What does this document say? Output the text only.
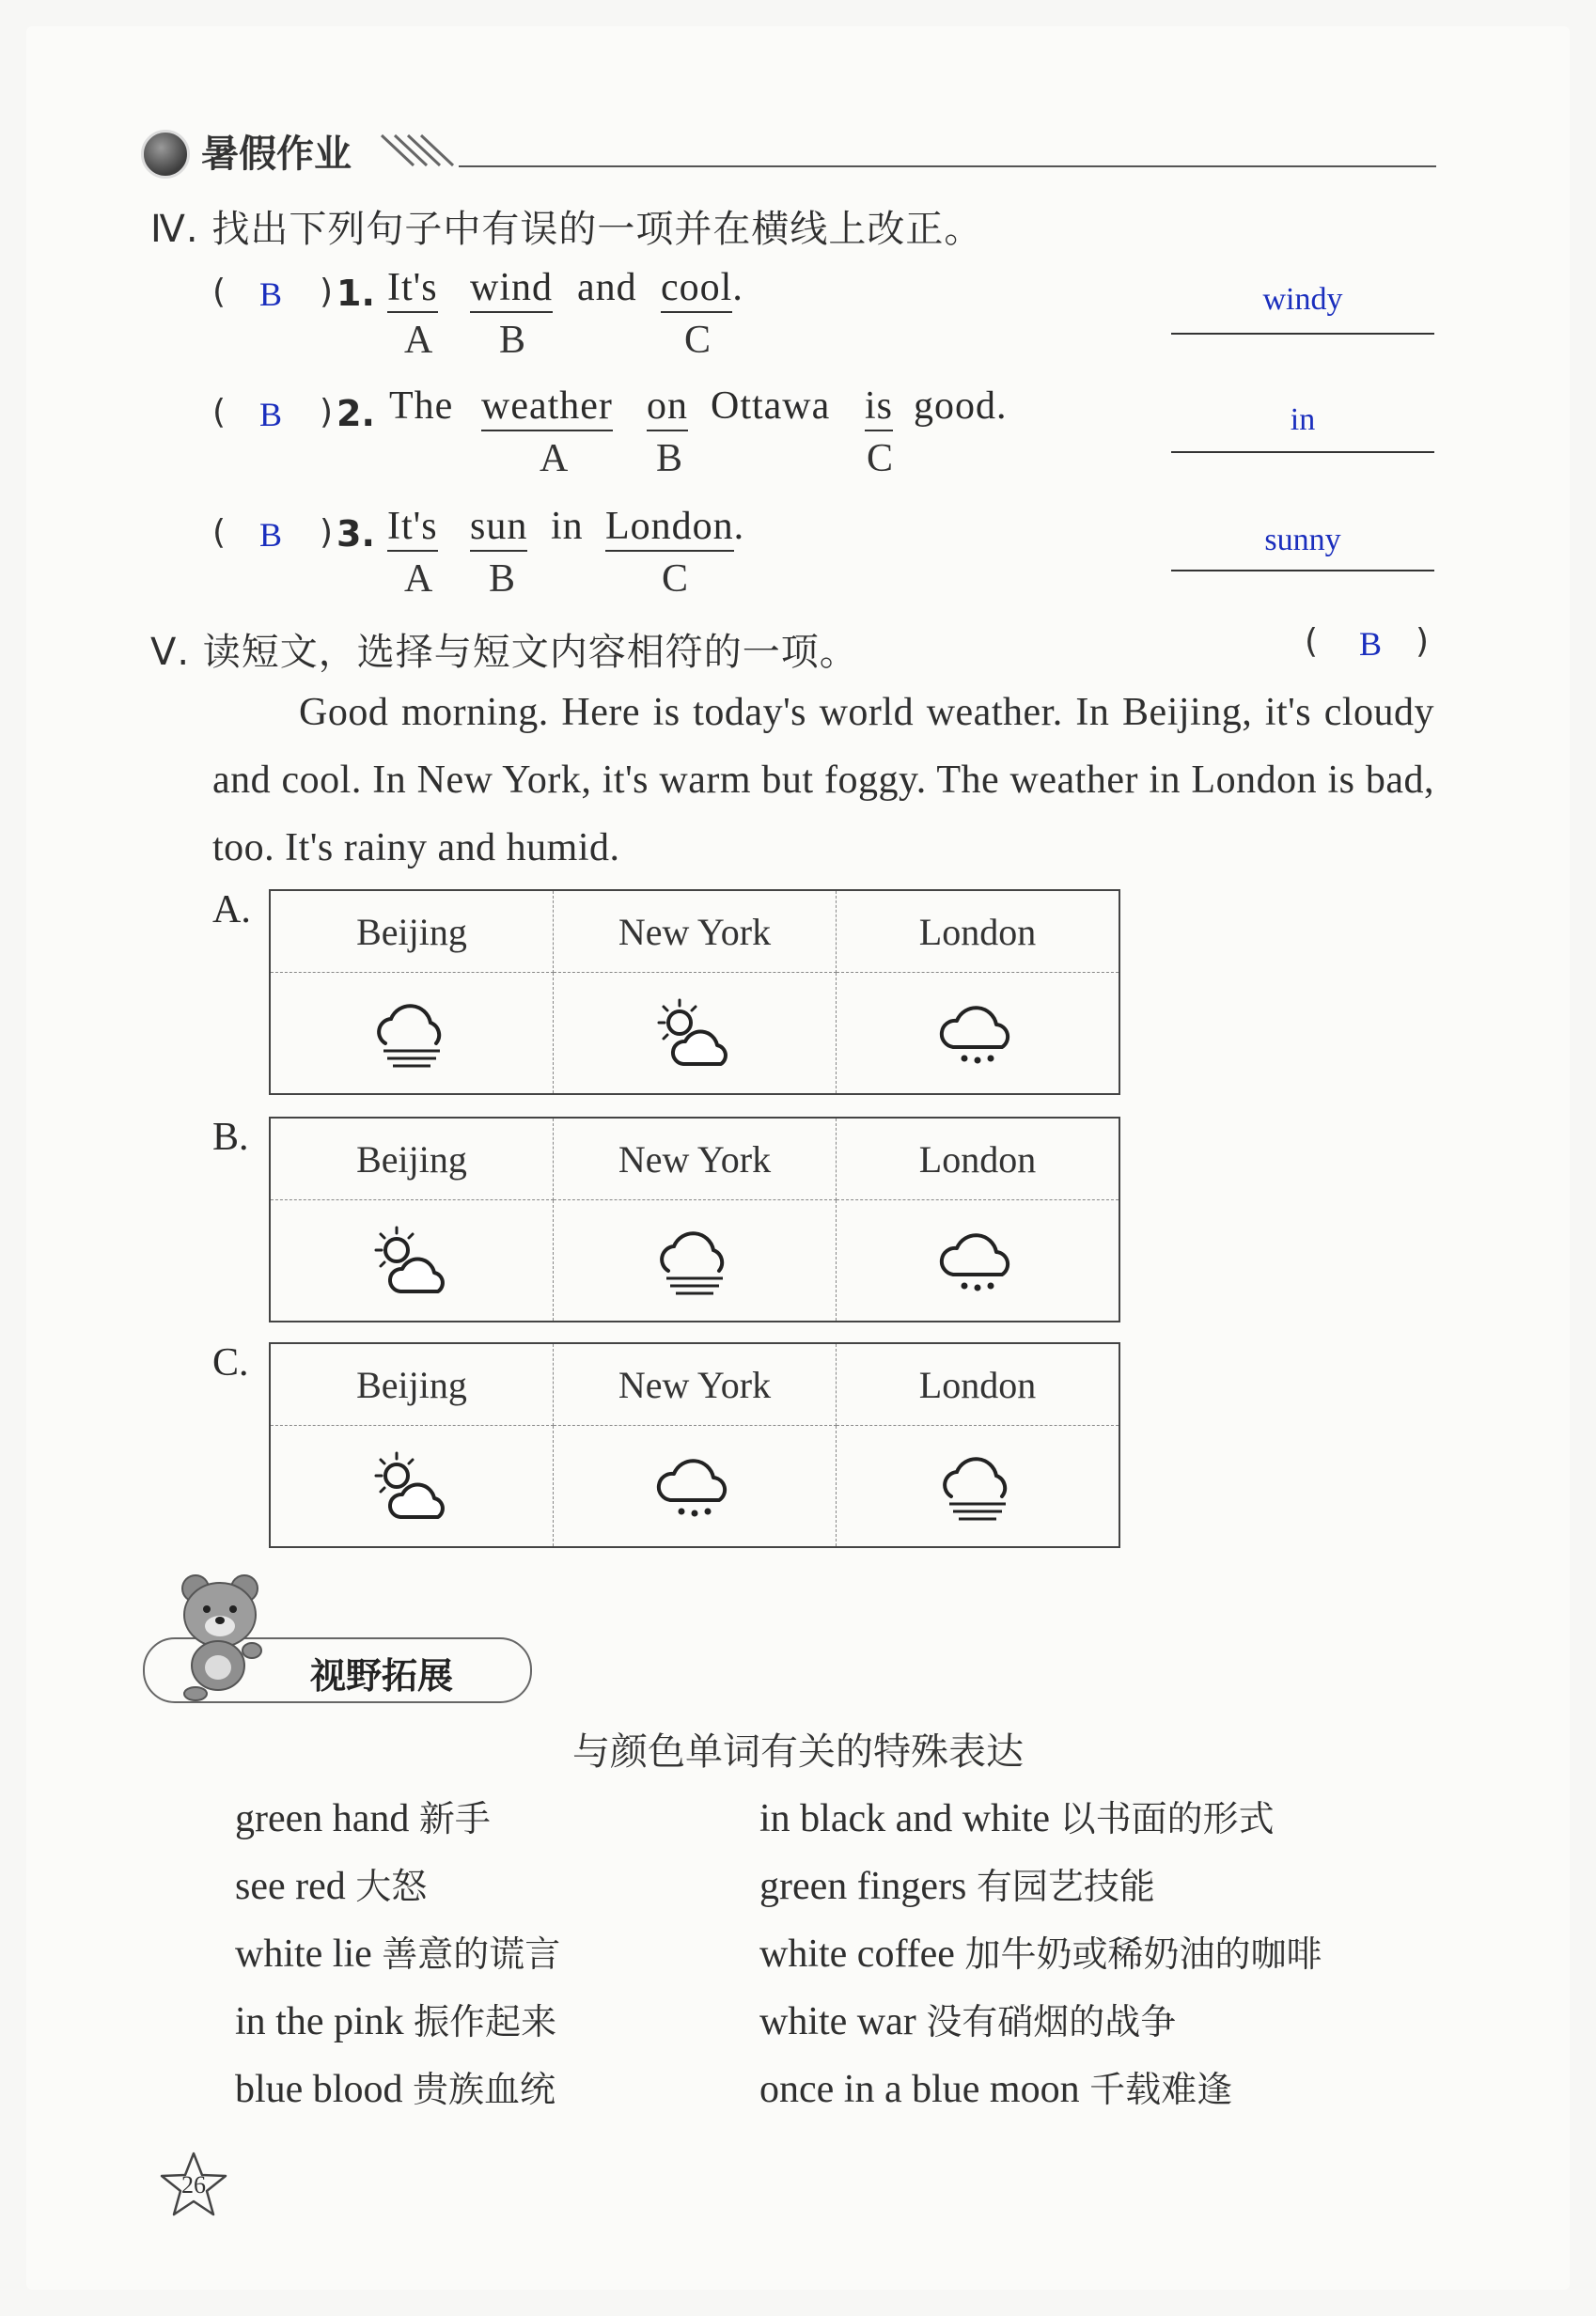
暑假作业
Ⅳ. 找出下列句子中有误的一项并在横线上改正。
( B ) 1. It's wind and cool.
A B	C
windy
( B ) 2. The weather on Ottawa is good.
A B	C
in
( B ) 3. It's sun in London.
A B	C
sunny
Ⅴ. 读短文，选择与短文内容相符的一项。	( B )
Good morning. Here is today's world weather. In Beijing, it's cloudy and cool. In New York, it's warm but foggy. The weather in London is bad, too. It's rainy and humid.
A.	Beijing	New York	London

B.	Beijing	New York	London

C.	Beijing	New York	London

视野拓展
与颜色单词有关的特殊表达
green hand 新手
see red 大怒
white lie 善意的谎言
in the pink 振作起来
blue blood 贵族血统
in black and white 以书面的形式
green fingers 有园艺技能
white coffee 加牛奶或稀奶油的咖啡
white war 没有硝烟的战争
once in a blue moon 千载难逢
26
